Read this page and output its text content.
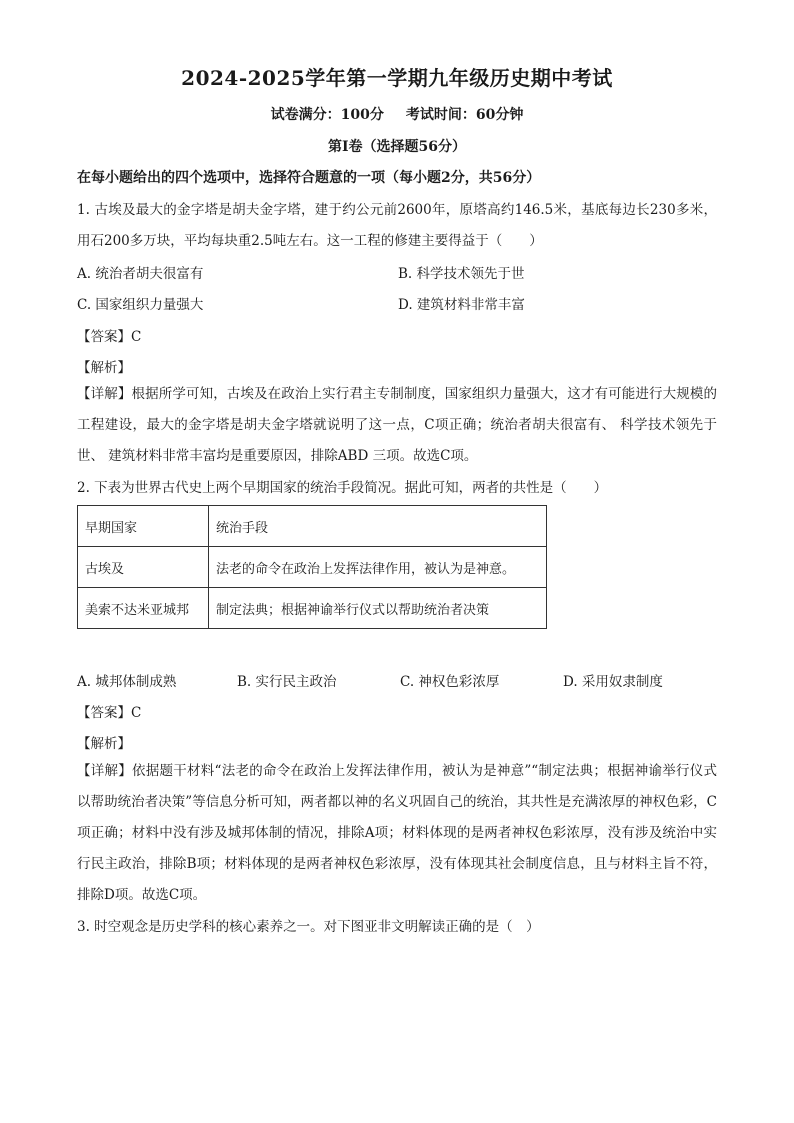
2024-2025学年第一学期九年级历史期中考试
试卷满分：100分 考试时间：60分钟
第Ⅰ卷（选择题56分）
在每小题给出的四个选项中，选择符合题意的一项（每小题2分，共56分）
1. 古埃及最大的金字塔是胡夫金字塔，建于约公元前2600年，原塔高约146.5米，基底每边长230多米，用石200多万块，平均每块重2.5吨左右。这一工程的修建主要得益于（　　）
A. 统治者胡夫很富有	B. 科学技术领先于世
C. 国家组织力量强大	D. 建筑材料非常丰富
【答案】C
【解析】
【详解】根据所学可知，古埃及在政治上实行君主专制制度，国家组织力量强大，这才有可能进行大规模的工程建设，最大的金字塔是胡夫金字塔就说明了这一点，C项正确；统治者胡夫很富有、 科学技术领先于世、 建筑材料非常丰富均是重要原因，排除ABD 三项。故选C项。
2. 下表为世界古代史上两个早期国家的统治手段简况。据此可知，两者的共性是（　　）
早期国家	统治手段
古埃及	法老的命令在政治上发挥法律作用，被认为是神意。
美索不达米亚城邦	制定法典；根据神谕举行仪式以帮助统治者决策
A. 城邦体制成熟	B. 实行民主政治	C. 神权色彩浓厚	D. 采用奴隶制度
【答案】C
【解析】
【详解】依据题干材料“法老的命令在政治上发挥法律作用，被认为是神意”“制定法典；根据神谕举行仪式以帮助统治者决策”等信息分析可知，两者都以神的名义巩固自己的统治，其共性是充满浓厚的神权色彩，C项正确；材料中没有涉及城邦体制的情况，排除A项；材料体现的是两者神权色彩浓厚，没有涉及统治中实行民主政治，排除B项；材料体现的是两者神权色彩浓厚，没有体现其社会制度信息，且与材料主旨不符，排除D项。故选C项。
3. 时空观念是历史学科的核心素养之一。对下图亚非文明解读正确的是（　）
